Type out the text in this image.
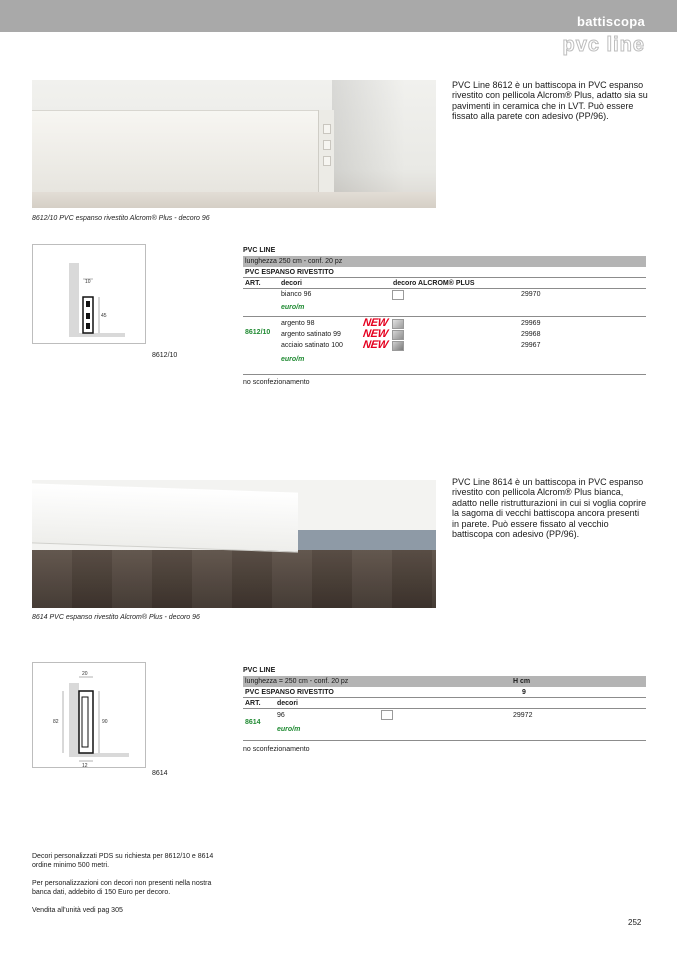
battiscopa
pvc line
PVC Line 8612 è un battiscopa in PVC espanso rivestito con pellicola Alcrom® Plus, adatto sia su pavimenti in ceramica che in LVT. Può essere fissato alla parete con adesivo (PP/96).
8612/10 PVC espanso rivestito Alcrom® Plus - decoro 96
10
45
8612/10
PVC LINE
lunghezza 250 cm - conf. 20 pz
PVC ESPANSO RIVESTITO
ART.	decori	decoro ALCROM® PLUS
bianco 96	29970
euro/m
8612/10
argento 98	NEW	29969
argento satinato 99 NEW	29968
acciaio satinato 100 NEW	29967
euro/m
no sconfezionamento
PVC Line 8614 è un battiscopa in PVC espanso rivestito con pellicola Alcrom® Plus bianca, adatto nelle ristrutturazioni in cui si voglia coprire la sagoma di vecchi battiscopa ancora presenti in parete. Può essere fissato al vecchio battiscopa con adesivo (PP/96).
8614 PVC espanso rivestito Alcrom® Plus - decoro 96
20
82	90
12
8614
PVC LINE
lunghezza = 250 cm - conf. 20 pz	H cm
PVC ESPANSO RIVESTITO	9
ART. decori
8614
96	29972
euro/m
no sconfezionamento

Decori personalizzati PDS su richiesta per 8612/10 e 8614 ordine minimo 500 metri.

Per personalizzazioni con decori non presenti nella nostra banca dati, addebito di 150 Euro per decoro.

Vendita all'unità vedi pag 305

252
